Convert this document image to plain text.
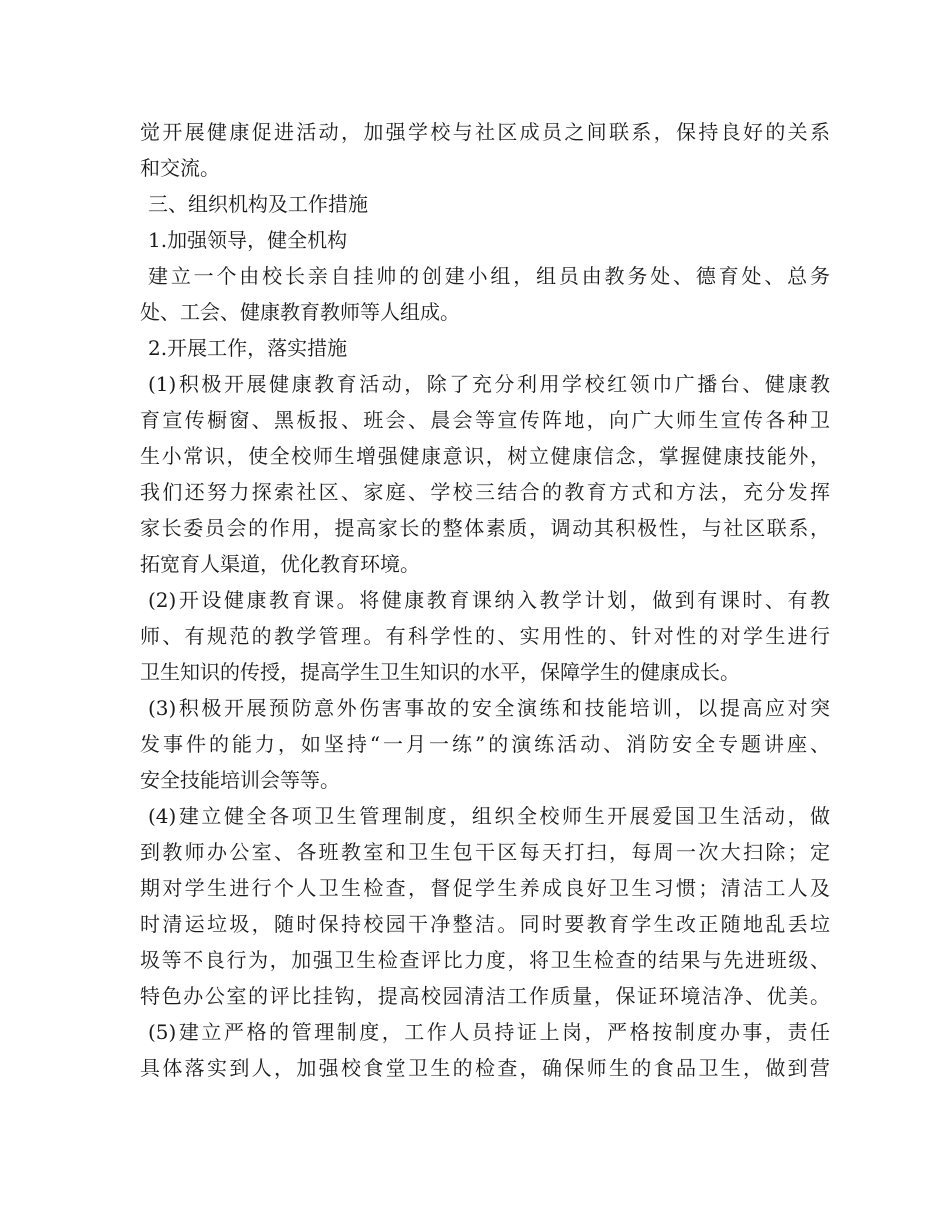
觉开展健康促进活动，加强学校与社区成员之间联系，保持良好的关系
和交流。
三、组织机构及工作措施
1.加强领导，健全机构
建立一个由校长亲自挂帅的创建小组，组员由教务处、德育处、总务
处、工会、健康教育教师等人组成。
2.开展工作，落实措施
(1)积极开展健康教育活动，除了充分利用学校红领巾广播台、健康教
育宣传橱窗、黑板报、班会、晨会等宣传阵地，向广大师生宣传各种卫
生小常识，使全校师生增强健康意识，树立健康信念，掌握健康技能外，
我们还努力探索社区、家庭、学校三结合的教育方式和方法，充分发挥
家长委员会的作用，提高家长的整体素质，调动其积极性，与社区联系，
拓宽育人渠道，优化教育环境。
(2)开设健康教育课。将健康教育课纳入教学计划，做到有课时、有教
师、有规范的教学管理。有科学性的、实用性的、针对性的对学生进行
卫生知识的传授，提高学生卫生知识的水平，保障学生的健康成长。
(3)积极开展预防意外伤害事故的安全演练和技能培训，以提高应对突
发事件的能力，如坚持“一月一练”的演练活动、消防安全专题讲座、
安全技能培训会等等。
(4)建立健全各项卫生管理制度，组织全校师生开展爱国卫生活动，做
到教师办公室、各班教室和卫生包干区每天打扫，每周一次大扫除；定
期对学生进行个人卫生检查，督促学生养成良好卫生习惯；清洁工人及
时清运垃圾，随时保持校园干净整洁。同时要教育学生改正随地乱丢垃
圾等不良行为，加强卫生检查评比力度，将卫生检查的结果与先进班级、
特色办公室的评比挂钩，提高校园清洁工作质量，保证环境洁净、优美。
(5)建立严格的管理制度，工作人员持证上岗，严格按制度办事，责任
具体落实到人，加强校食堂卫生的检查，确保师生的食品卫生，做到营
